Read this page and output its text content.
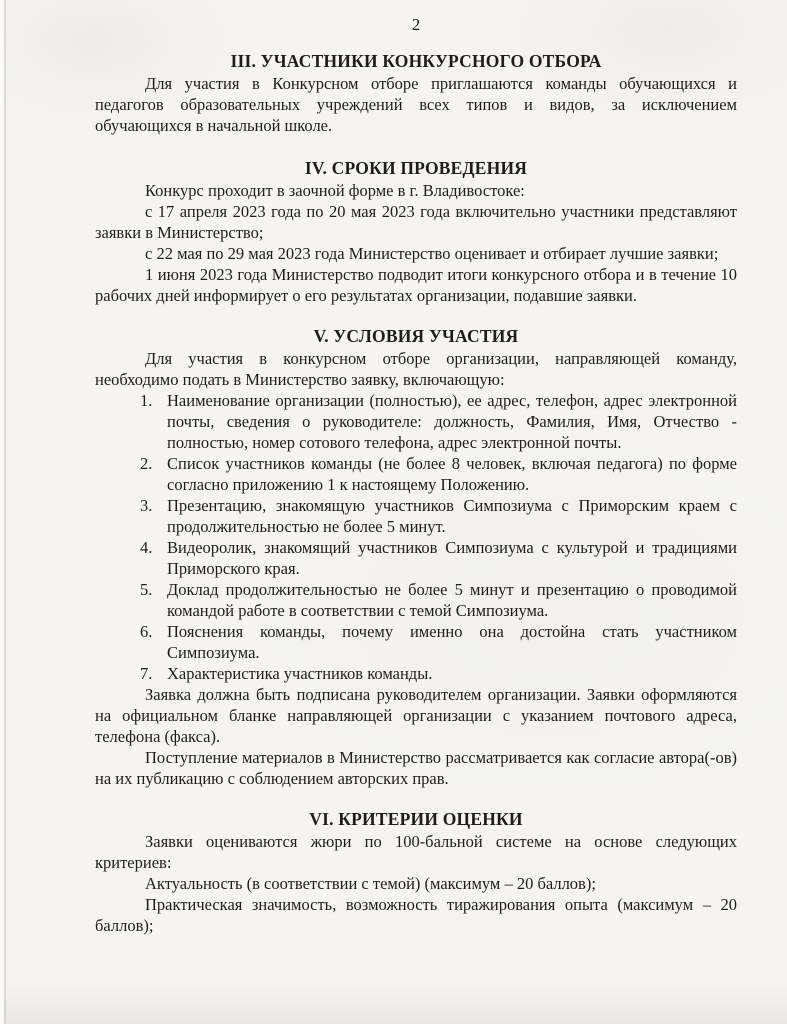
2
III. УЧАСТНИКИ КОНКУРСНОГО ОТБОРА

Для участия в Конкурсном отборе приглашаются команды обучающихся и педагогов образовательных учреждений всех типов и видов, за исключением обучающихся в начальной школе.

IV. СРОКИ ПРОВЕДЕНИЯ

Конкурс проходит в заочной форме в г. Владивостоке:

с 17 апреля 2023 года по 20 мая 2023 года включительно участники представляют заявки в Министерство;

с 22 мая по 29 мая 2023 года Министерство оценивает и отбирает лучшие заявки;

1 июня 2023 года Министерство подводит итоги конкурсного отбора и в течение 10 рабочих дней информирует о его результатах организации, подавшие заявки.

V. УСЛОВИЯ УЧАСТИЯ

Для участия в конкурсном отборе организации, направляющей команду, необходимо подать в Министерство заявку, включающую:

1. Наименование организации (полностью), ее адрес, телефон, адрес электронной почты, сведения о руководителе: должность, Фамилия, Имя, Отчество - полностью, номер сотового телефона, адрес электронной почты.
2. Список участников команды (не более 8 человек, включая педагога) по форме согласно приложению 1 к настоящему Положению.
3. Презентацию, знакомящую участников Симпозиума с Приморским краем с продолжительностью не более 5 минут.
4. Видеоролик, знакомящий участников Симпозиума с культурой и традициями Приморского края.
5. Доклад продолжительностью не более 5 минут и презентацию о проводимой командой работе в соответствии с темой Симпозиума.
6. Пояснения команды, почему именно она достойна стать участником Симпозиума.
7. Характеристика участников команды.

Заявка должна быть подписана руководителем организации. Заявки оформляются на официальном бланке направляющей организации с указанием почтового адреса, телефона (факса).

Поступление материалов в Министерство рассматривается как согласие автора(-ов) на их публикацию с соблюдением авторских прав.

VI. КРИТЕРИИ ОЦЕНКИ

Заявки оцениваются жюри по 100-бальной системе на основе следующих критериев:

Актуальность (в соответствии с темой) (максимум – 20 баллов);

Практическая значимость, возможность тиражирования опыта (максимум – 20 баллов);
